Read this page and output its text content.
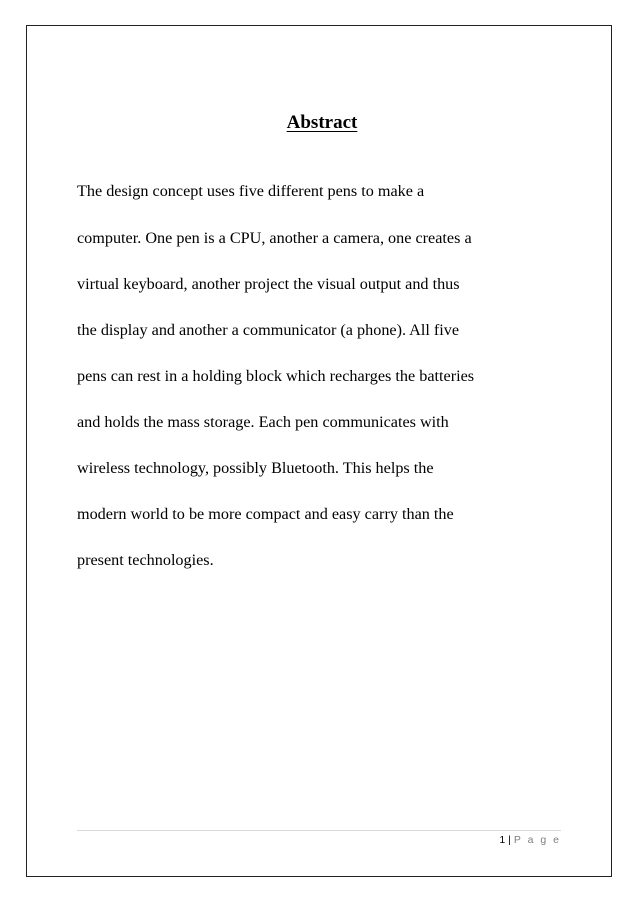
Abstract
The design concept uses five different pens to make a
computer. One pen is a CPU, another a camera, one creates a
virtual keyboard, another project the visual output and thus
the display and another a communicator (a phone). All five
pens can rest in a holding block which recharges the batteries
and holds the mass storage. Each pen communicates with
wireless technology, possibly Bluetooth. This helps the
modern world to be more compact and easy carry than the
present technologies.
1 | P a g e
